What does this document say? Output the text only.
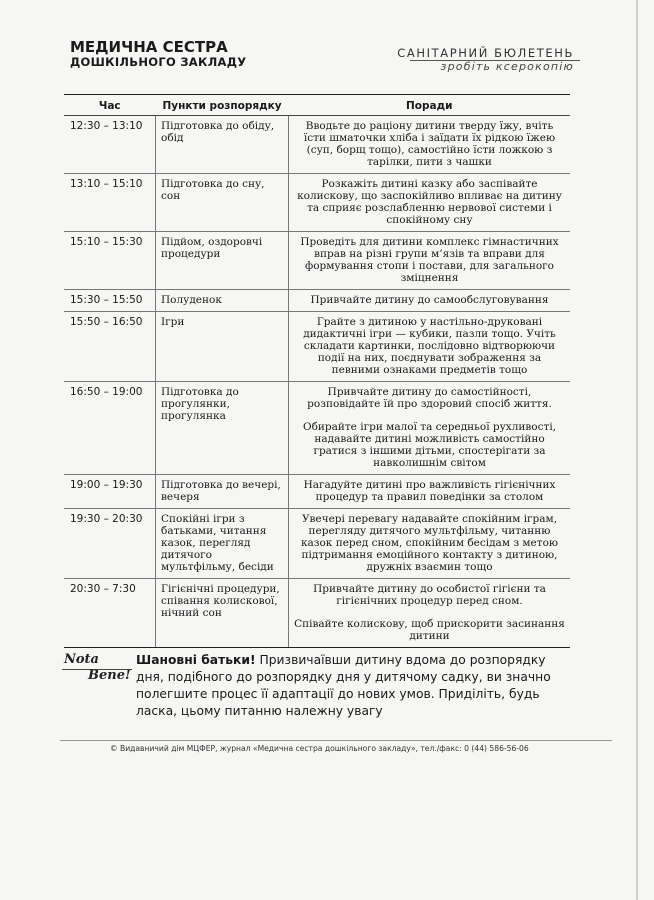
МЕДИЧНА СЕСТРА
ДОШКІЛЬНОГО ЗАКЛАДУ
САНІТАРНИЙ БЮЛЕТЕНЬ
зробіть ксерокопію
Час	Пункти розпорядку	Поради
12:30 – 13:10	Підготовка до обіду, обід	Вводьте до раціону дитини тверду їжу, вчіть їсти шматочки хліба і заїдати їх рідкою їжею (суп, борщ тощо), самостійно їсти ложкою з тарілки, пити з чашки

13:10 – 15:10	Підготовка до сну, сон	Розкажіть дитині казку або заспівайте колискову, що заспокійливо впливає на дитину та сприяє розслабленню нервової системи і спокійному сну

15:10 – 15:30	Підйом, оздоровчі процедури	Проведіть для дитини комплекс гімнастичних вправ на різні групи м’язів та вправи для формування стопи і постави, для загального зміцнення

15:30 – 15:50	Полуденок	Привчайте дитину до самообслуговування

15:50 – 16:50	Ігри	Грайте з дитиною у настільно-друковані дидактичні ігри — кубики, пазли тощо. Учіть складати картинки, послідовно відтворюючи події на них, поєднувати зображення за певними ознаками предметів тощо

16:50 – 19:00	Підготовка до прогулянки, прогулянка	Привчайте дитину до самостійності, розповідайте їй про здоровий спосіб життя.

Обирайте ігри малої та середньої рухливості, надавайте дитині можливість самостійно гратися з іншими дітьми, спостерігати за навколишнім світом

19:00 – 19:30	Підготовка до вечері, вечеря	Нагадуйте дитині про важливість гігієнічних процедур та правил поведінки за столом

19:30 – 20:30	Спокійні ігри з батьками, читання казок, перегляд дитячого мультфільму, бесіди	Увечері перевагу надавайте спокійним іграм, перегляду дитячого мультфільму, читанню казок перед сном, спокійним бесідам з метою підтримання емоційного контакту з дитиною, дружніх взаємин тощо

20:30 – 7:30	Гігієнічні процедури, співання колискової, нічний сон	Привчайте дитину до особистої гігієни та гігієнічних процедур перед сном.

Співайте колискову, щоб прискорити засинання дитини

Nota
Bene!
Шановні батьки! Призвичаївши дитину вдома до розпорядку дня, подібного до розпорядку дня у дитячому садку, ви значно полегшите процес її адаптації до нових умов. Приділіть, будь ласка, цьому питанню належну увагу
© Видавничий дім МЦФЕР, журнал «Медична сестра дошкільного закладу», тел./факс: 0 (44) 586-56-06
